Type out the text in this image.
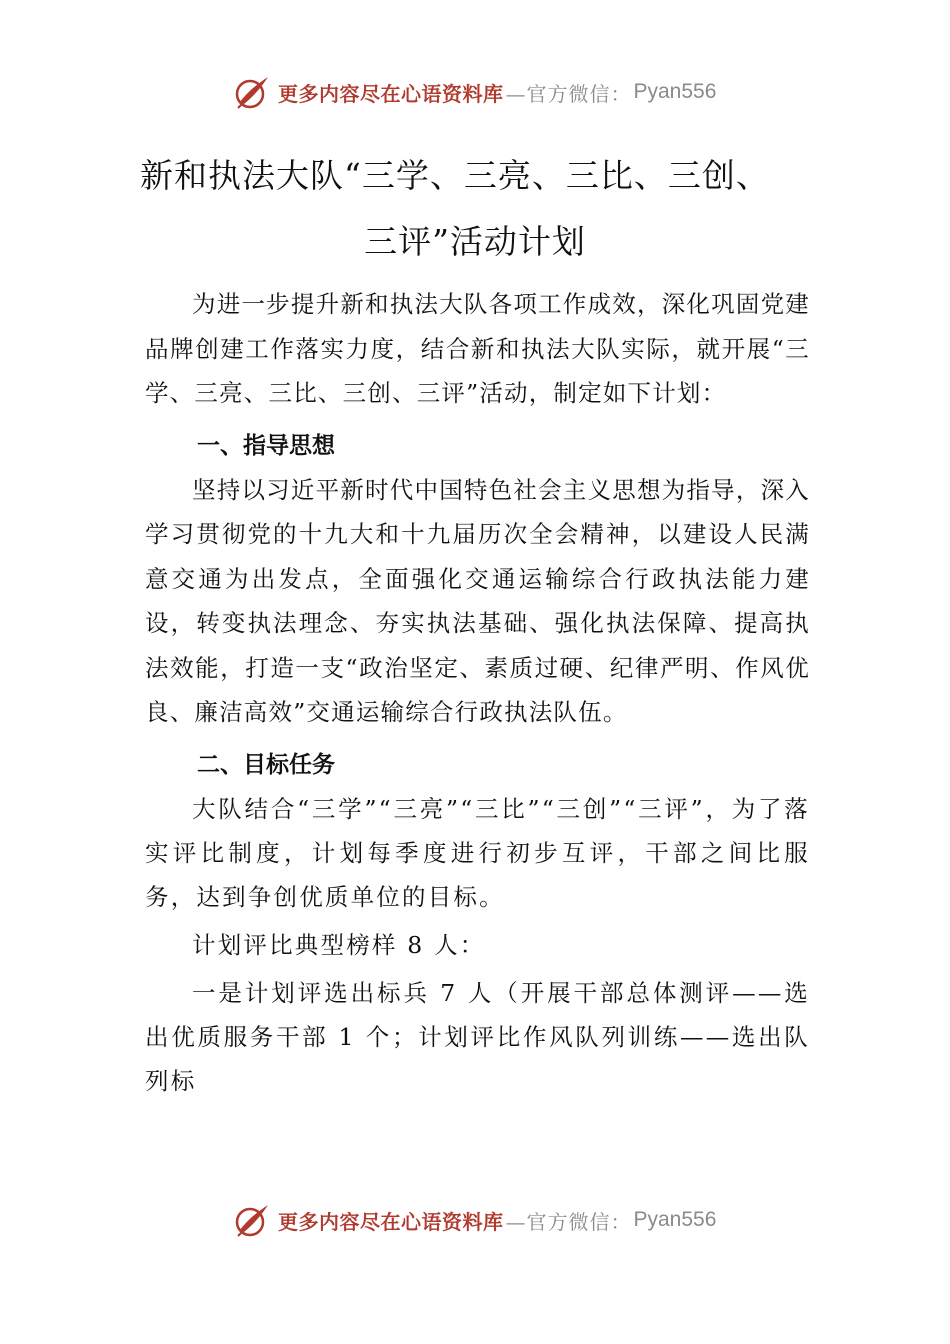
更多内容尽在心语资料库 —官方微信： Pyan556
新和执法大队“三学、三亮、三比、三创、
三评”活动计划

为进一步提升新和执法大队各项工作成效，深化巩固党建品牌创建工作落实力度，结合新和执法大队实际，就开展“三学、三亮、三比、三创、三评”活动，制定如下计划：

一、指导思想

坚持以习近平新时代中国特色社会主义思想为指导，深入学习贯彻党的十九大和十九届历次全会精神，以建设人民满意交通为出发点，全面强化交通运输综合行政执法能力建设，转变执法理念、夯实执法基础、强化执法保障、提高执法效能，打造一支“政治坚定、素质过硬、纪律严明、作风优良、廉洁高效”交通运输综合行政执法队伍。

二、目标任务

大队结合“三学”“三亮”“三比”“三创”“三评”，为了落实评比制度，计划每季度进行初步互评，干部之间比服务，达到争创优质单位的目标。

计划评比典型榜样 8 人：

一是计划评选出标兵 7 人（开展干部总体测评——选出优质服务干部 1 个；计划评比作风队列训练——选出队列标

更多内容尽在心语资料库 —官方微信： Pyan556
